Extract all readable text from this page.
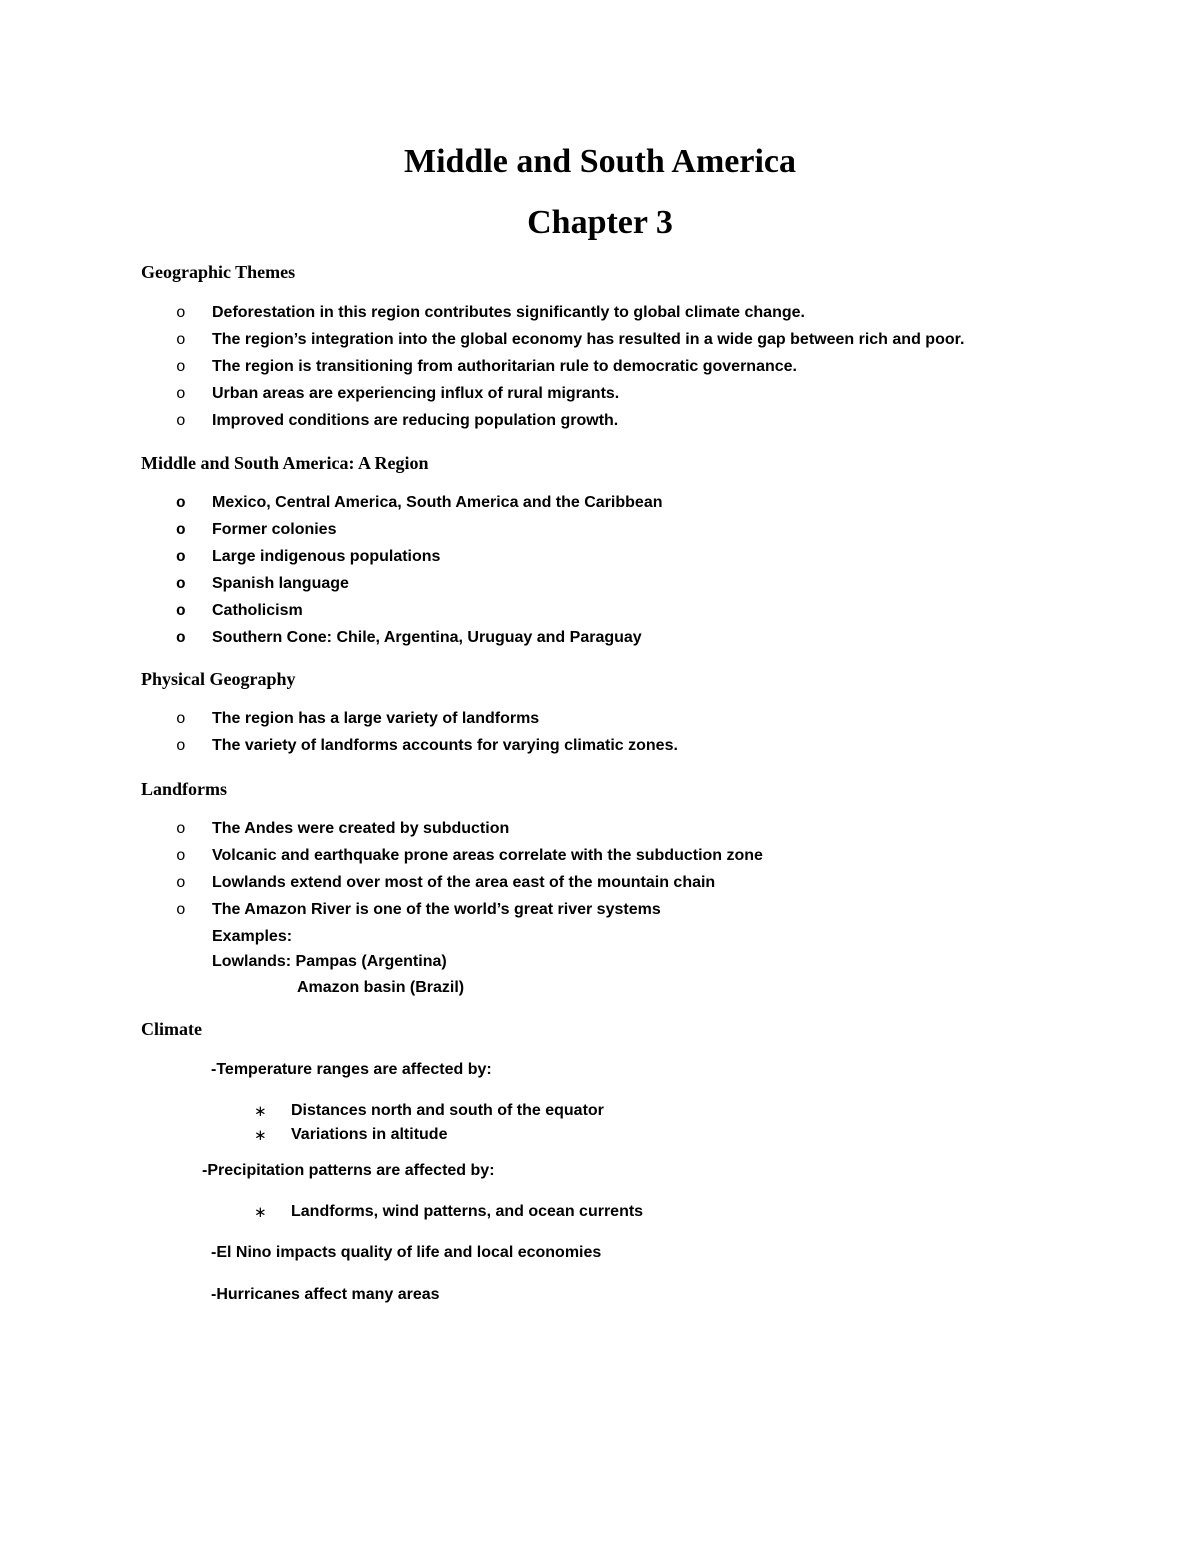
Middle and South America
Chapter 3
Geographic Themes
o Deforestation in this region contributes significantly to global climate change.
o The region’s integration into the global economy has resulted in a wide gap between rich and poor.
o The region is transitioning from authoritarian rule to democratic governance.
o Urban areas are experiencing influx of rural migrants.
o Improved conditions are reducing population growth.
Middle and South America: A Region
o Mexico, Central America, South America and the Caribbean
o Former colonies
o Large indigenous populations
o Spanish language
o Catholicism
o Southern Cone: Chile, Argentina, Uruguay and Paraguay
Physical Geography
o The region has a large variety of landforms
o The variety of landforms accounts for varying climatic zones.
Landforms
o The Andes were created by subduction
o Volcanic and earthquake prone areas correlate with the subduction zone
o Lowlands extend over most of the area east of the mountain chain
o The Amazon River is one of the world’s great river systems

Examples:

Lowlands: Pampas (Argentina)

Amazon basin (Brazil)

Climate

-Temperature ranges are affected by:

∗ Distances north and south of the equator

∗ Variations in altitude

-Precipitation patterns are affected by:

∗ Landforms, wind patterns, and ocean currents

-El Nino impacts quality of life and local economies

-Hurricanes affect many areas
